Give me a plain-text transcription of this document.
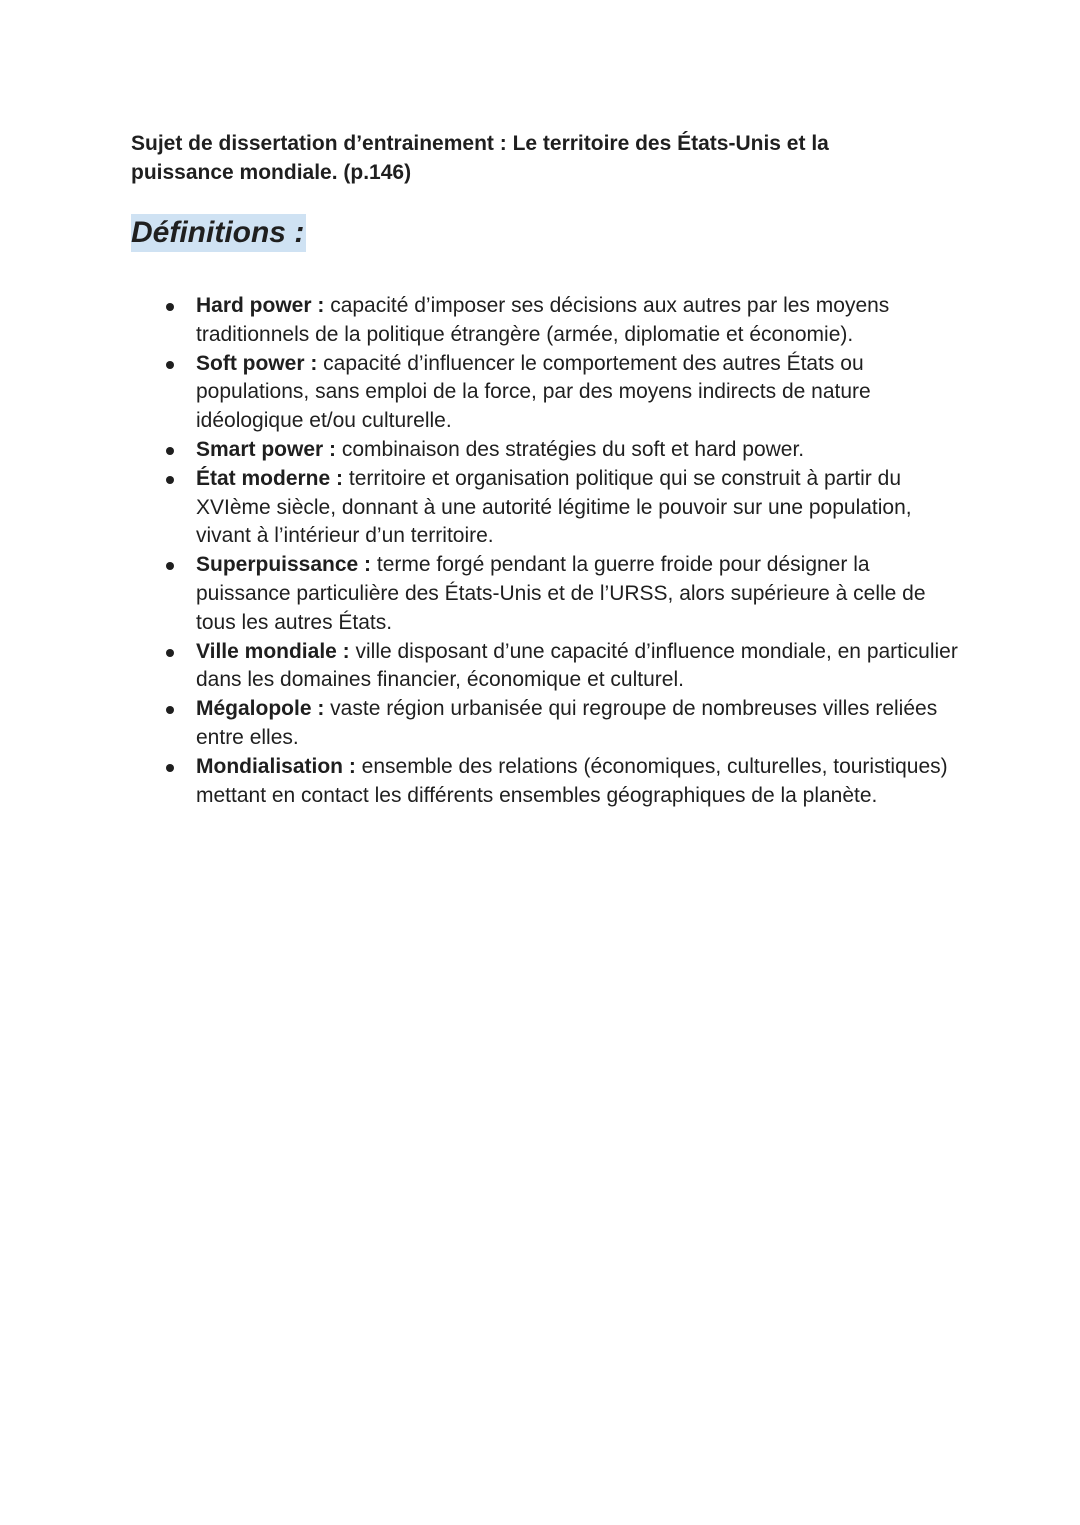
Sujet de dissertation d’entrainement : Le territoire des États-Unis et la puissance mondiale. (p.146)

Définitions :
Hard power : capacité d’imposer ses décisions aux autres par les moyens traditionnels de la politique étrangère (armée, diplomatie et économie).
Soft power : capacité d’influencer le comportement des autres États ou populations, sans emploi de la force, par des moyens indirects de nature idéologique et/ou culturelle.
Smart power : combinaison des stratégies du soft et hard power.
État moderne : territoire et organisation politique qui se construit à partir du XVIème siècle, donnant à une autorité légitime le pouvoir sur une population, vivant à l’intérieur d’un territoire.
Superpuissance : terme forgé pendant la guerre froide pour désigner la puissance particulière des États-Unis et de l’URSS, alors supérieure à celle de tous les autres États.
Ville mondiale : ville disposant d’une capacité d’influence mondiale, en particulier dans les domaines financier, économique et culturel.
Mégalopole : vaste région urbanisée qui regroupe de nombreuses villes reliées entre elles.
Mondialisation : ensemble des relations (économiques, culturelles, touristiques) mettant en contact les différents ensembles géographiques de la planète.
